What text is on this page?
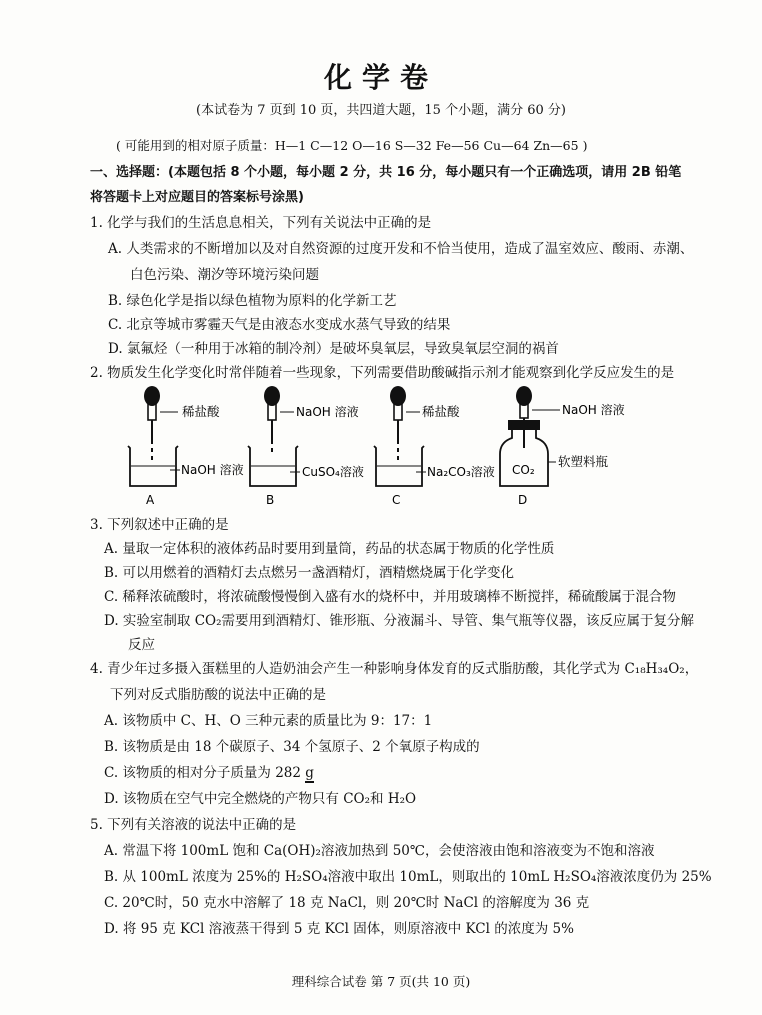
化学卷
(本试卷为 7 页到 10 页，共四道大题，15 个小题，满分 60 分)
( 可能用到的相对原子质量：H—1 C—12 O—16 S—32 Fe—56 Cu—64 Zn—65 )
一、选择题：(本题包括 8 个小题，每小题 2 分，共 16 分，每小题只有一个正确选项，请用 2B 铅笔
将答题卡上对应题目的答案标号涂黑)
1. 化学与我们的生活息息相关，下列有关说法中正确的是
A. 人类需求的不断增加以及对自然资源的过度开发和不恰当使用，造成了温室效应、酸雨、赤潮、
白色污染、潮汐等环境污染问题
B. 绿色化学是指以绿色植物为原料的化学新工艺
C. 北京等城市雾霾天气是由液态水变成水蒸气导致的结果
D. 氯氟烃（一种用于冰箱的制冷剂）是破坏臭氧层，导致臭氧层空洞的祸首
2. 物质发生化学变化时常伴随着一些现象，下列需要借助酸碱指示剂才能观察到化学反应发生的是
稀盐酸
NaOH 溶液
A
NaOH 溶液
CuSO₄溶液
B
稀盐酸
Na₂CO₃溶液
C
NaOH 溶液
CO₂
软塑料瓶
D
3. 下列叙述中正确的是
A. 量取一定体积的液体药品时要用到量筒，药品的状态属于物质的化学性质
B. 可以用燃着的酒精灯去点燃另一盏酒精灯，酒精燃烧属于化学变化
C. 稀释浓硫酸时，将浓硫酸慢慢倒入盛有水的烧杯中，并用玻璃棒不断搅拌，稀硫酸属于混合物
D. 实验室制取 CO₂需要用到酒精灯、锥形瓶、分液漏斗、导管、集气瓶等仪器，该反应属于复分解
反应
4. 青少年过多摄入蛋糕里的人造奶油会产生一种影响身体发育的反式脂肪酸，其化学式为 C₁₈H₃₄O₂，
下列对反式脂肪酸的说法中正确的是
A. 该物质中 C、H、O 三种元素的质量比为 9：17：1
B. 该物质是由 18 个碳原子、34 个氢原子、2 个氧原子构成的
C. 该物质的相对分子质量为 282 g
D. 该物质在空气中完全燃烧的产物只有 CO₂和 H₂O
5. 下列有关溶液的说法中正确的是
A. 常温下将 100mL 饱和 Ca(OH)₂溶液加热到 50℃，会使溶液由饱和溶液变为不饱和溶液
B. 从 100mL 浓度为 25%的 H₂SO₄溶液中取出 10mL，则取出的 10mL H₂SO₄溶液浓度仍为 25%
C. 20℃时，50 克水中溶解了 18 克 NaCl，则 20℃时 NaCl 的溶解度为 36 克
D. 将 95 克 KCl 溶液蒸干得到 5 克 KCl 固体，则原溶液中 KCl 的浓度为 5%
理科综合试卷 第 7 页(共 10 页)
